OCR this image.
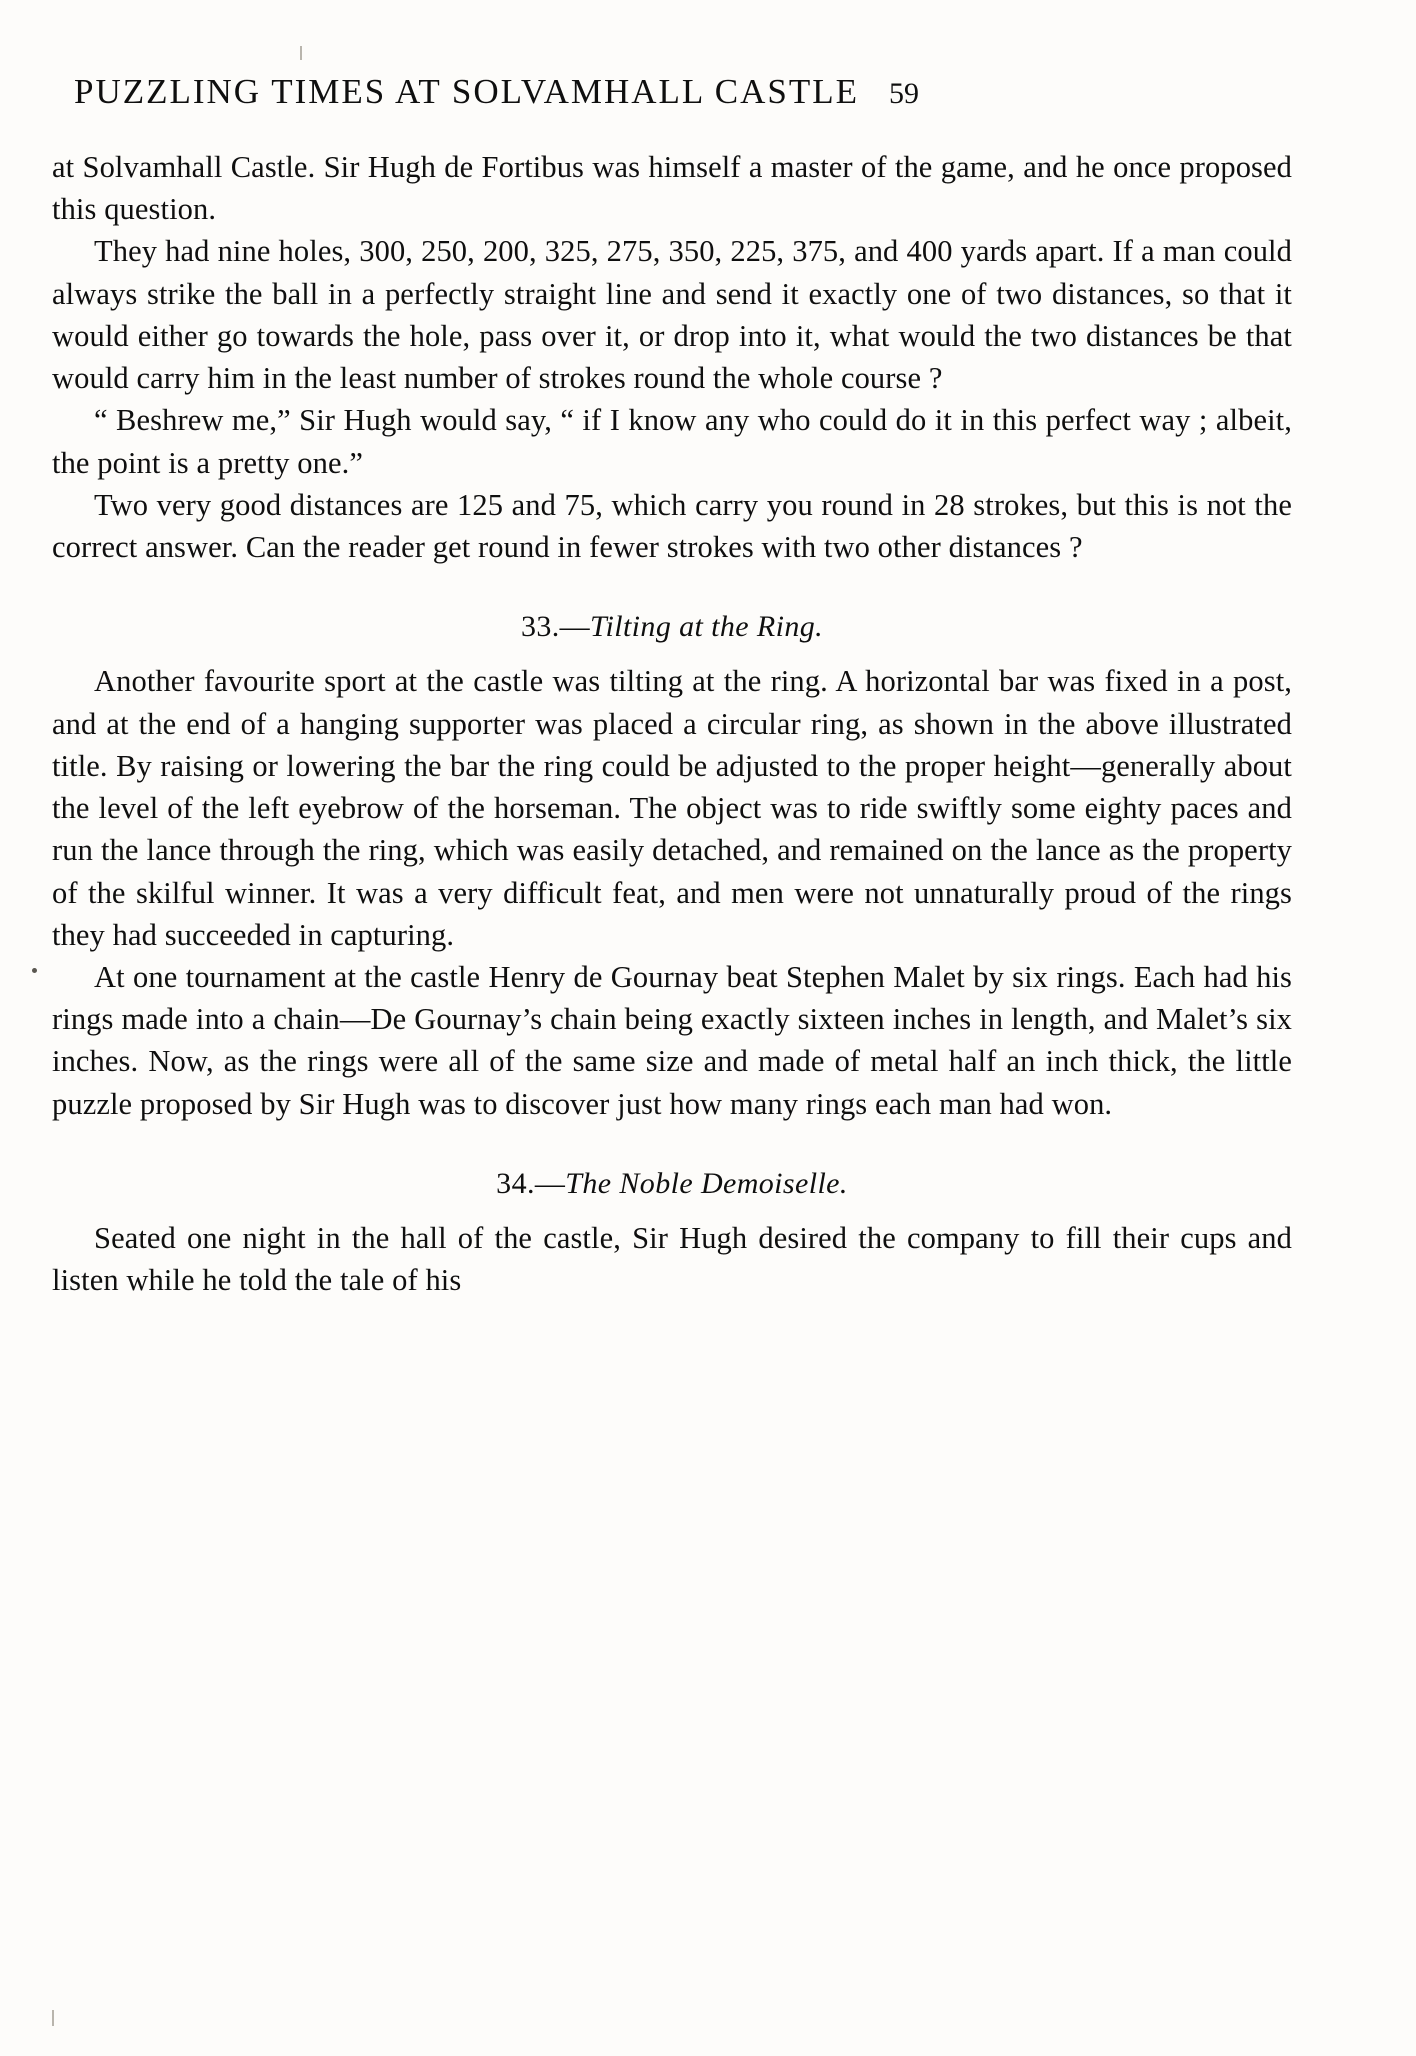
PUZZLING TIMES AT SOLVAMHALL CASTLE 59

at Solvamhall Castle. Sir Hugh de Fortibus was himself a master of the game, and he once proposed this question.

They had nine holes, 300, 250, 200, 325, 275, 350, 225, 375, and 400 yards apart. If a man could always strike the ball in a perfectly straight line and send it exactly one of two distances, so that it would either go towards the hole, pass over it, or drop into it, what would the two distances be that would carry him in the least number of strokes round the whole course ?

“ Beshrew me,” Sir Hugh would say, “ if I know any who could do it in this perfect way ; albeit, the point is a pretty one.”

Two very good distances are 125 and 75, which carry you round in 28 strokes, but this is not the correct answer. Can the reader get round in fewer strokes with two other distances ?

33.—Tilting at the Ring.

Another favourite sport at the castle was tilting at the ring. A horizontal bar was fixed in a post, and at the end of a hanging supporter was placed a circular ring, as shown in the above illustrated title. By raising or lowering the bar the ring could be adjusted to the proper height—generally about the level of the left eyebrow of the horseman. The object was to ride swiftly some eighty paces and run the lance through the ring, which was easily detached, and remained on the lance as the property of the skilful winner. It was a very difficult feat, and men were not unnaturally proud of the rings they had succeeded in capturing.

At one tournament at the castle Henry de Gournay beat Stephen Malet by six rings. Each had his rings made into a chain—De Gournay’s chain being exactly sixteen inches in length, and Malet’s six inches. Now, as the rings were all of the same size and made of metal half an inch thick, the little puzzle proposed by Sir Hugh was to discover just how many rings each man had won.

34.—The Noble Demoiselle.

Seated one night in the hall of the castle, Sir Hugh desired the company to fill their cups and listen while he told the tale of his
